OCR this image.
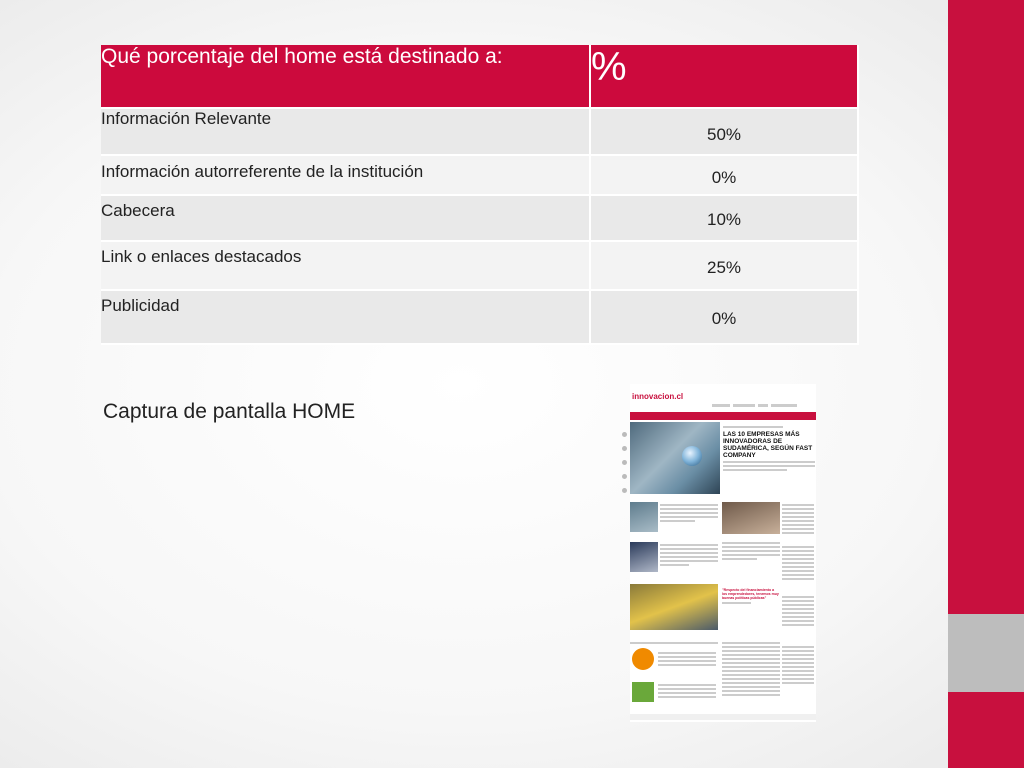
Qué porcentaje del home está destinado a:	%
Información Relevante	50%
Información autorreferente de la institución	0%
Cabecera	10%
Link o enlaces destacados	25%
Publicidad	0%
Captura de pantalla HOME
innovacion.cl
LAS 10 EMPRESAS MÁS INNOVADORAS DE SUDAMÉRICA, SEGÚN FAST COMPANY
"Respecto del financiamiento a los emprendedores, tenemos muy buenas políticas públicas"
